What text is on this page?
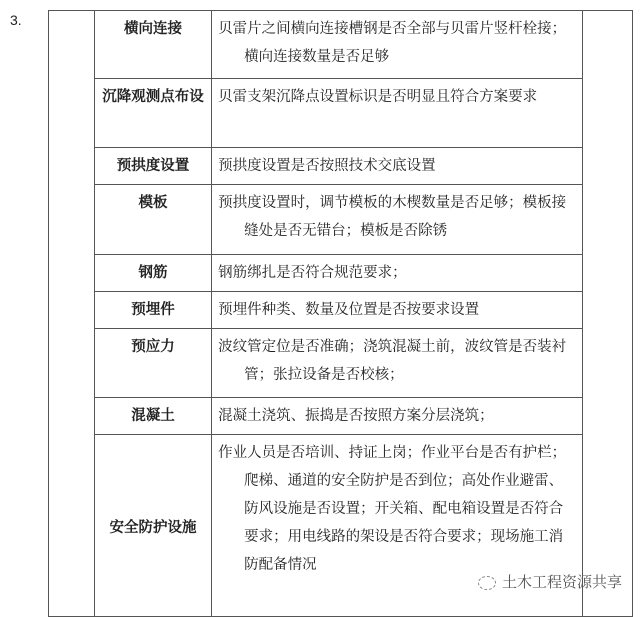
3.
		横向连接	贝雷片之间横向连接槽钢是否全部与贝雷片竖杆栓接；横向连接数量是否足够	

	沉降观测点布设	贝雷支架沉降点设置标识是否明显且符合方案要求	

	预拱度设置	预拱度设置是否按照技术交底设置	

	模板	预拱度设置时，调节模板的木楔数量是否足够；模板接缝处是否无错台；模板是否除锈	

	钢筋	钢筋绑扎是否符合规范要求；	

	预埋件	预埋件种类、数量及位置是否按要求设置	

	预应力	波纹管定位是否准确；浇筑混凝土前，波纹管是否装衬管；张拉设备是否校核；	

	混凝土	混凝土浇筑、振捣是否按照方案分层浇筑；	

	安全防护设施	作业人员是否培训、持证上岗；作业平台是否有护栏；爬梯、通道的安全防护是否到位；高处作业避雷、防风设施是否设置；开关箱、配电箱设置是否符合要求；用电线路的架设是否符合要求；现场施工消防配备情况	
土木工程资源共享
